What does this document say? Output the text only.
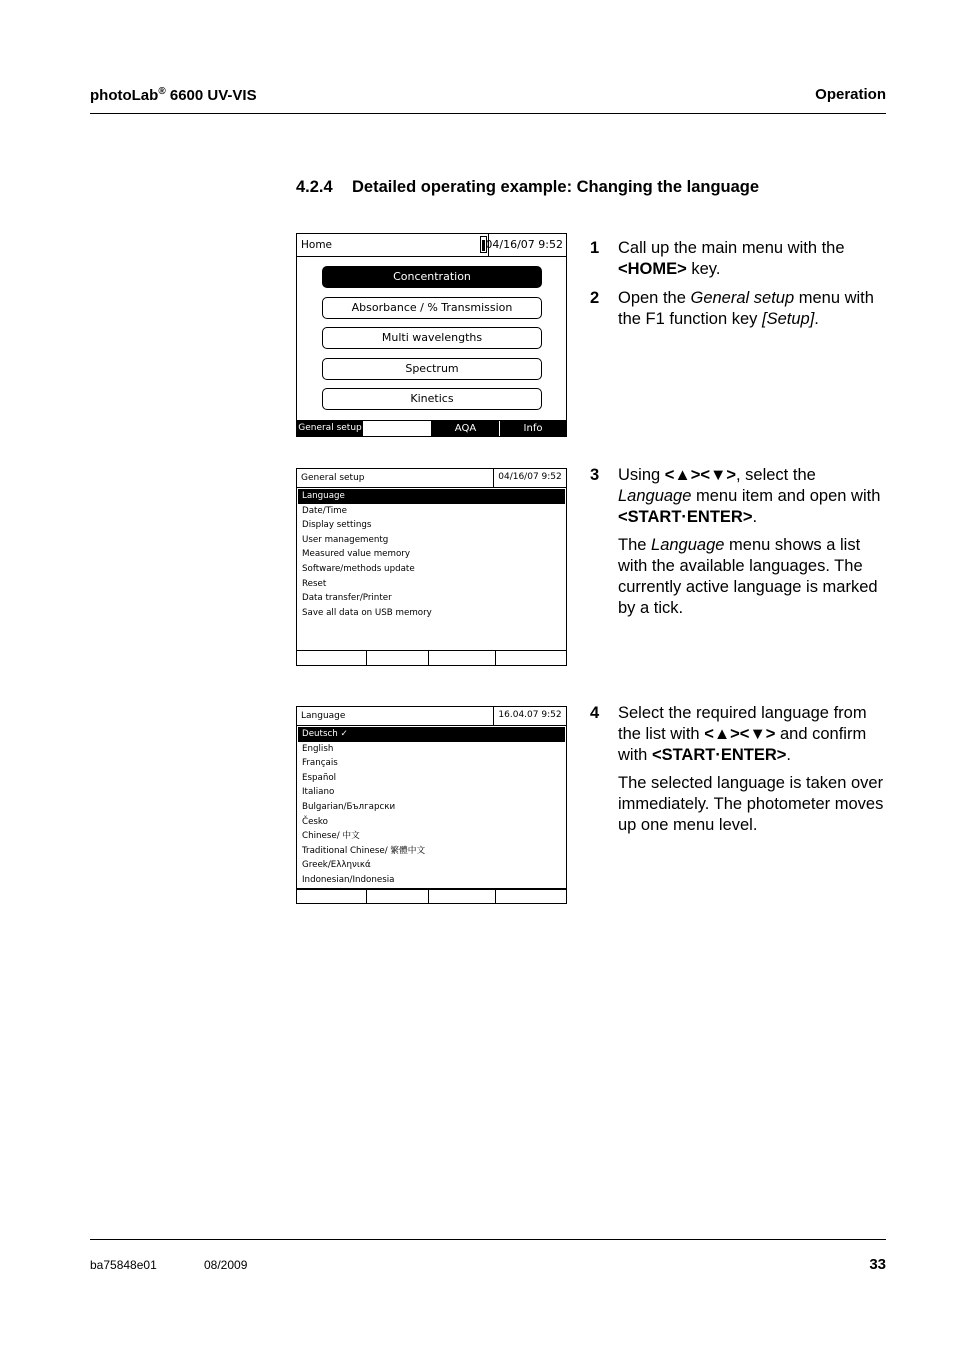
photoLab® 6600 UV-VIS	Operation
4.2.4 Detailed operating example: Changing the language
Home	04/16/07 9:52
Concentration
Absorbance / % Transmission
Multi wavelengths
Spectrum
Kinetics
General setup	AQA	Info
General setup	04/16/07 9:52
Language
Date/Time
Display settings
User managementg
Measured value memory
Software/methods update
Reset
Data transfer/Printer
Save all data on USB memory
Language	16.04.07 9:52
Deutsch ✓
English
Français
Español
Italiano
Bulgarian/Български
Česko
Chinese/ 中文
Traditional Chinese/ 繁體中文
Greek/Ελληνικά
Indonesian/Indonesia
1 Call up the main menu with the <HOME> key.

2 Open the General setup menu with the F1 function key [Setup].

3 Using <▲><▼>, select the Language menu item and open with <START·ENTER>.

The Language menu shows a list with the available languages. The currently active language is marked by a tick.

4 Select the required language from the list with <▲><▼> and confirm with <START·ENTER>.

The selected language is taken over immediately. The photometer moves up one menu level.

ba75848e01	08/2009	33
